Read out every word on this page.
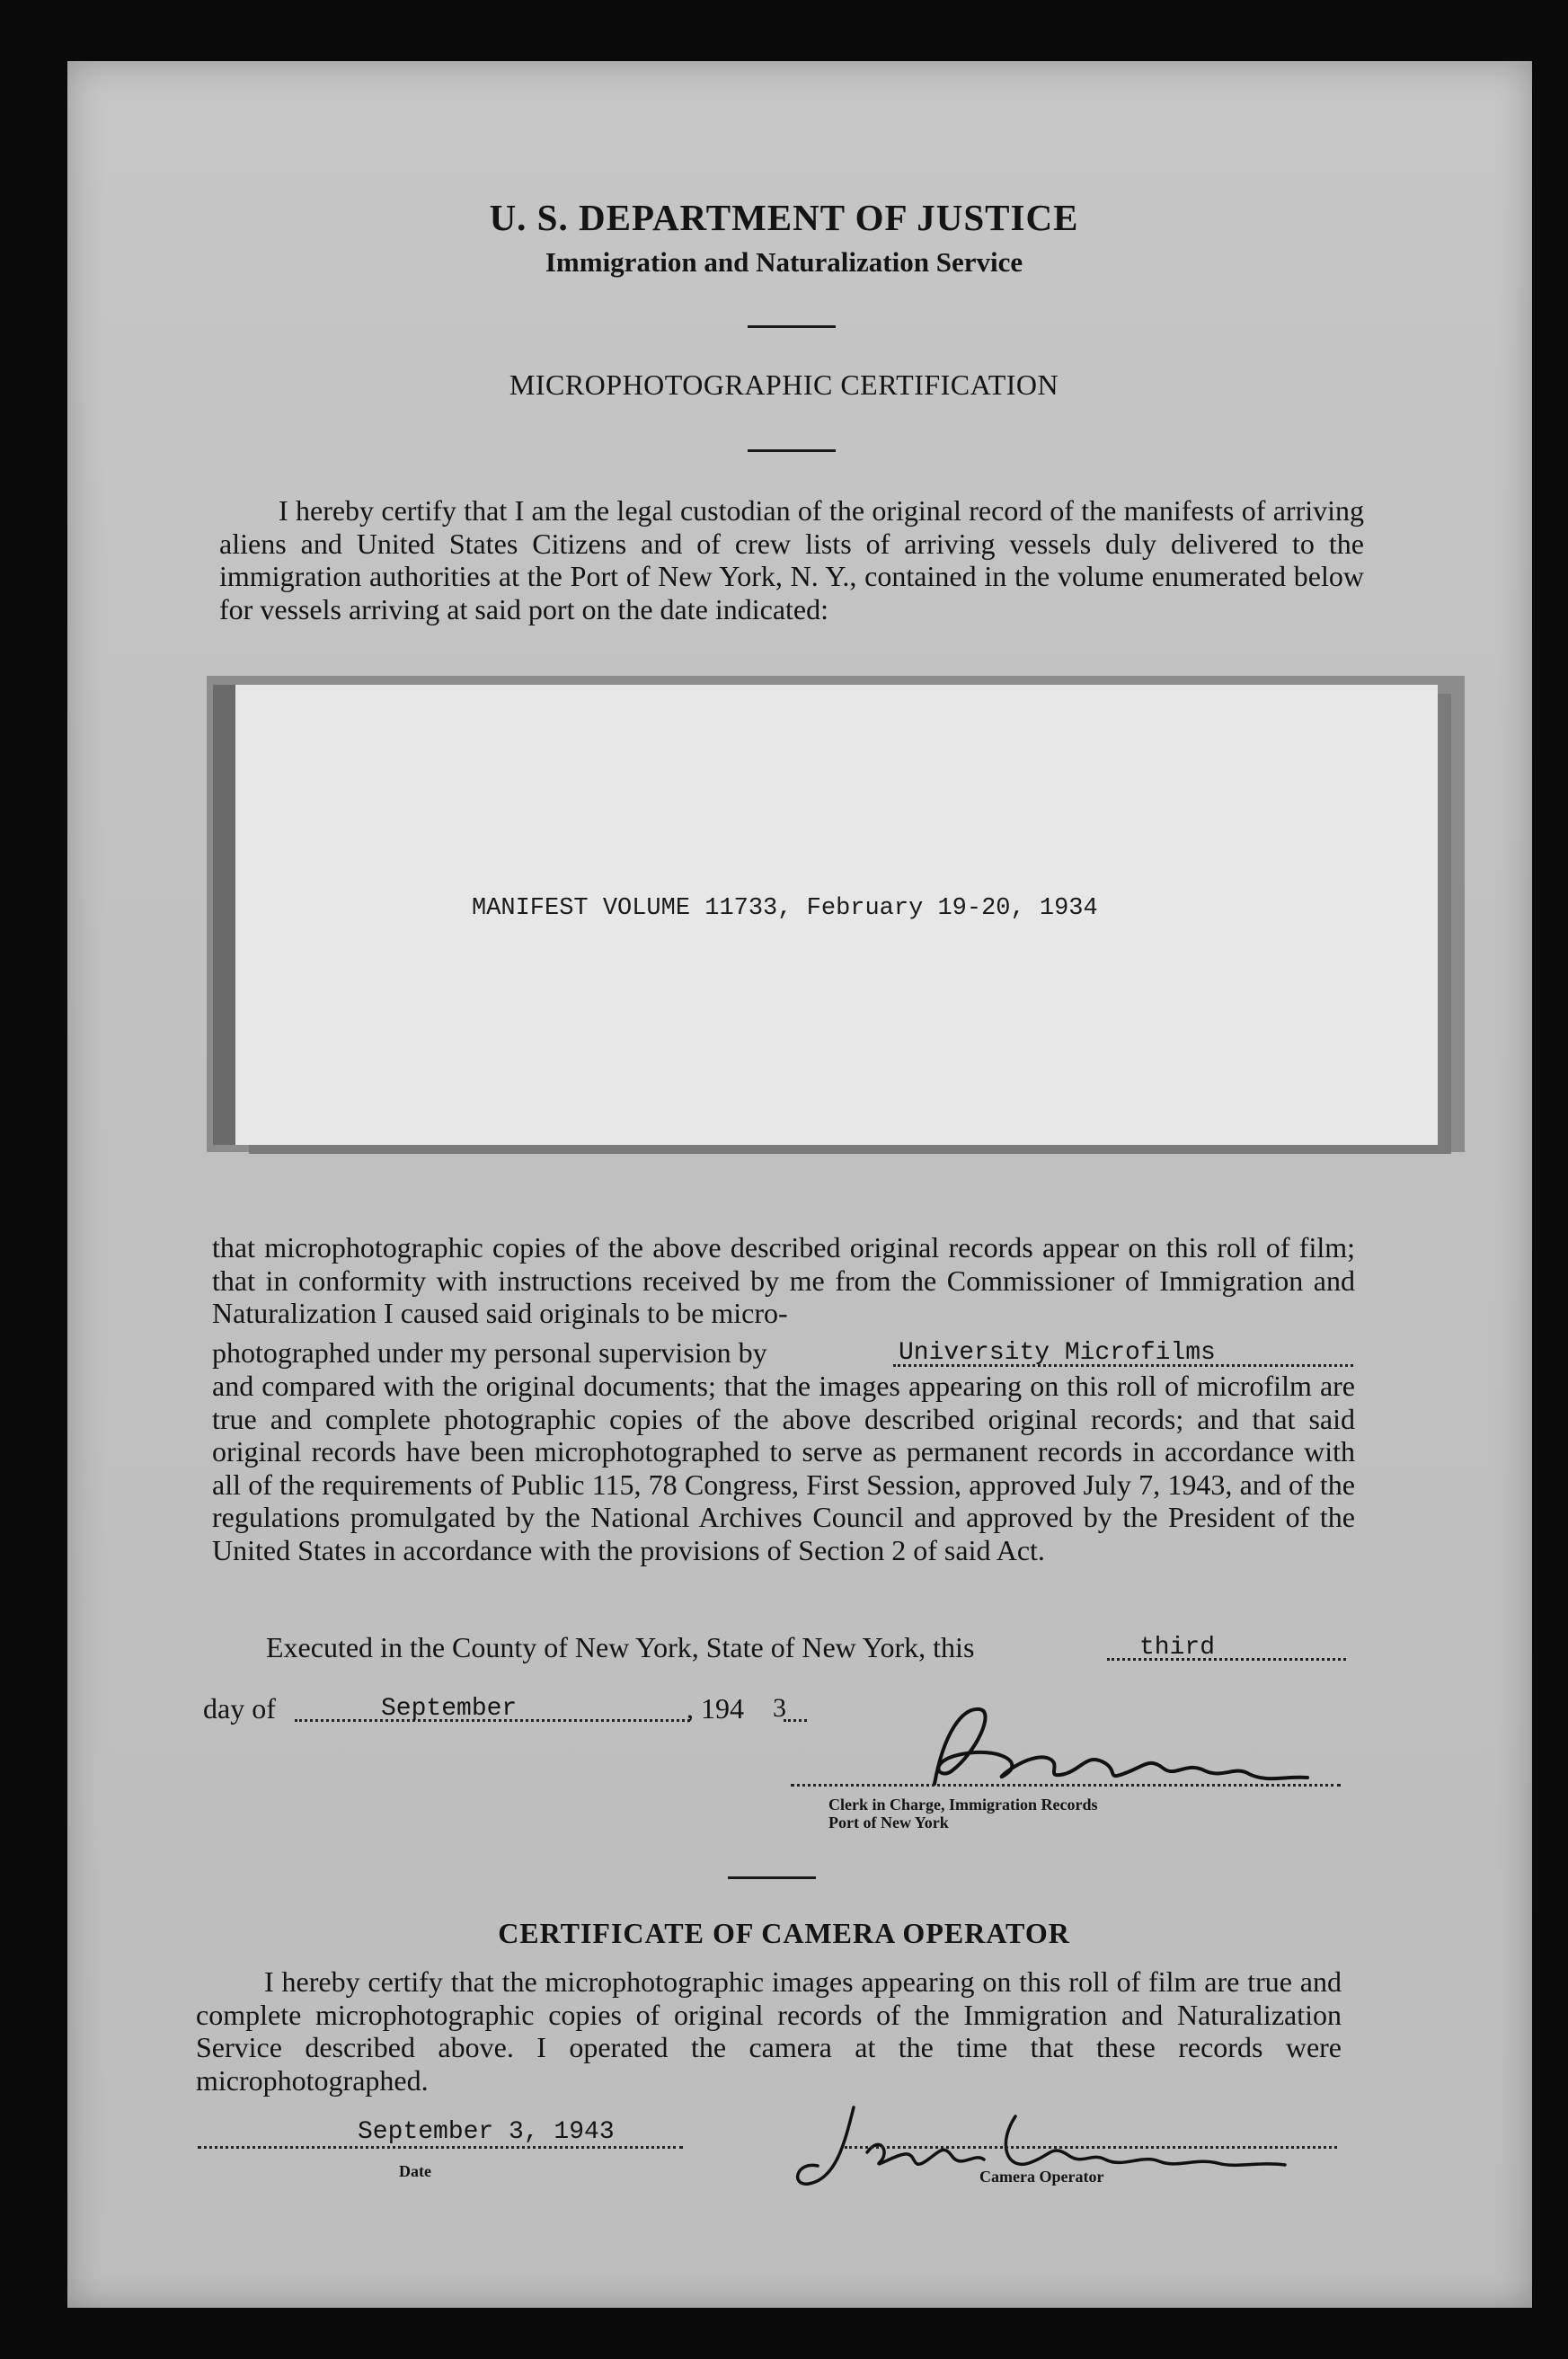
U. S. DEPARTMENT OF JUSTICE
Immigration and Naturalization Service
MICROPHOTOGRAPHIC CERTIFICATION
I hereby certify that I am the legal custodian of the original record of the manifests of arriving aliens and United States Citizens and of crew lists of arriving vessels duly delivered to the immigration authorities at the Port of New York, N. Y., contained in the volume enumerated below for vessels arriving at said port on the date indicated:
MANIFEST VOLUME 11733, February 19-20, 1934
that microphotographic copies of the above described original records appear on this roll of film; that in conformity with instructions received by me from the Commissioner of Immigration and Naturalization I caused said originals to be micro-
photographed under my personal supervision by	University Microfilms
and compared with the original documents; that the images appearing on this roll of microfilm are true and complete photographic copies of the above described original records; and that said original records have been microphotographed to serve as permanent records in accordance with all of the requirements of Public 115, 78 Congress, First Session, approved July 7, 1943, and of the regulations promulgated by the National Archives Council and approved by the President of the United States in accordance with the provisions of Section 2 of said Act.
Executed in the County of New York, State of New York, this	third
day of	September	, 194	3
Clerk in Charge, Immigration Records
Port of New York
CERTIFICATE OF CAMERA OPERATOR
I hereby certify that the microphotographic images appearing on this roll of film are true and complete microphotographic copies of original records of the Immigration and Naturalization Service described above. I operated the camera at the time that these records were microphotographed.
September 3, 1943
Date	Camera Operator
